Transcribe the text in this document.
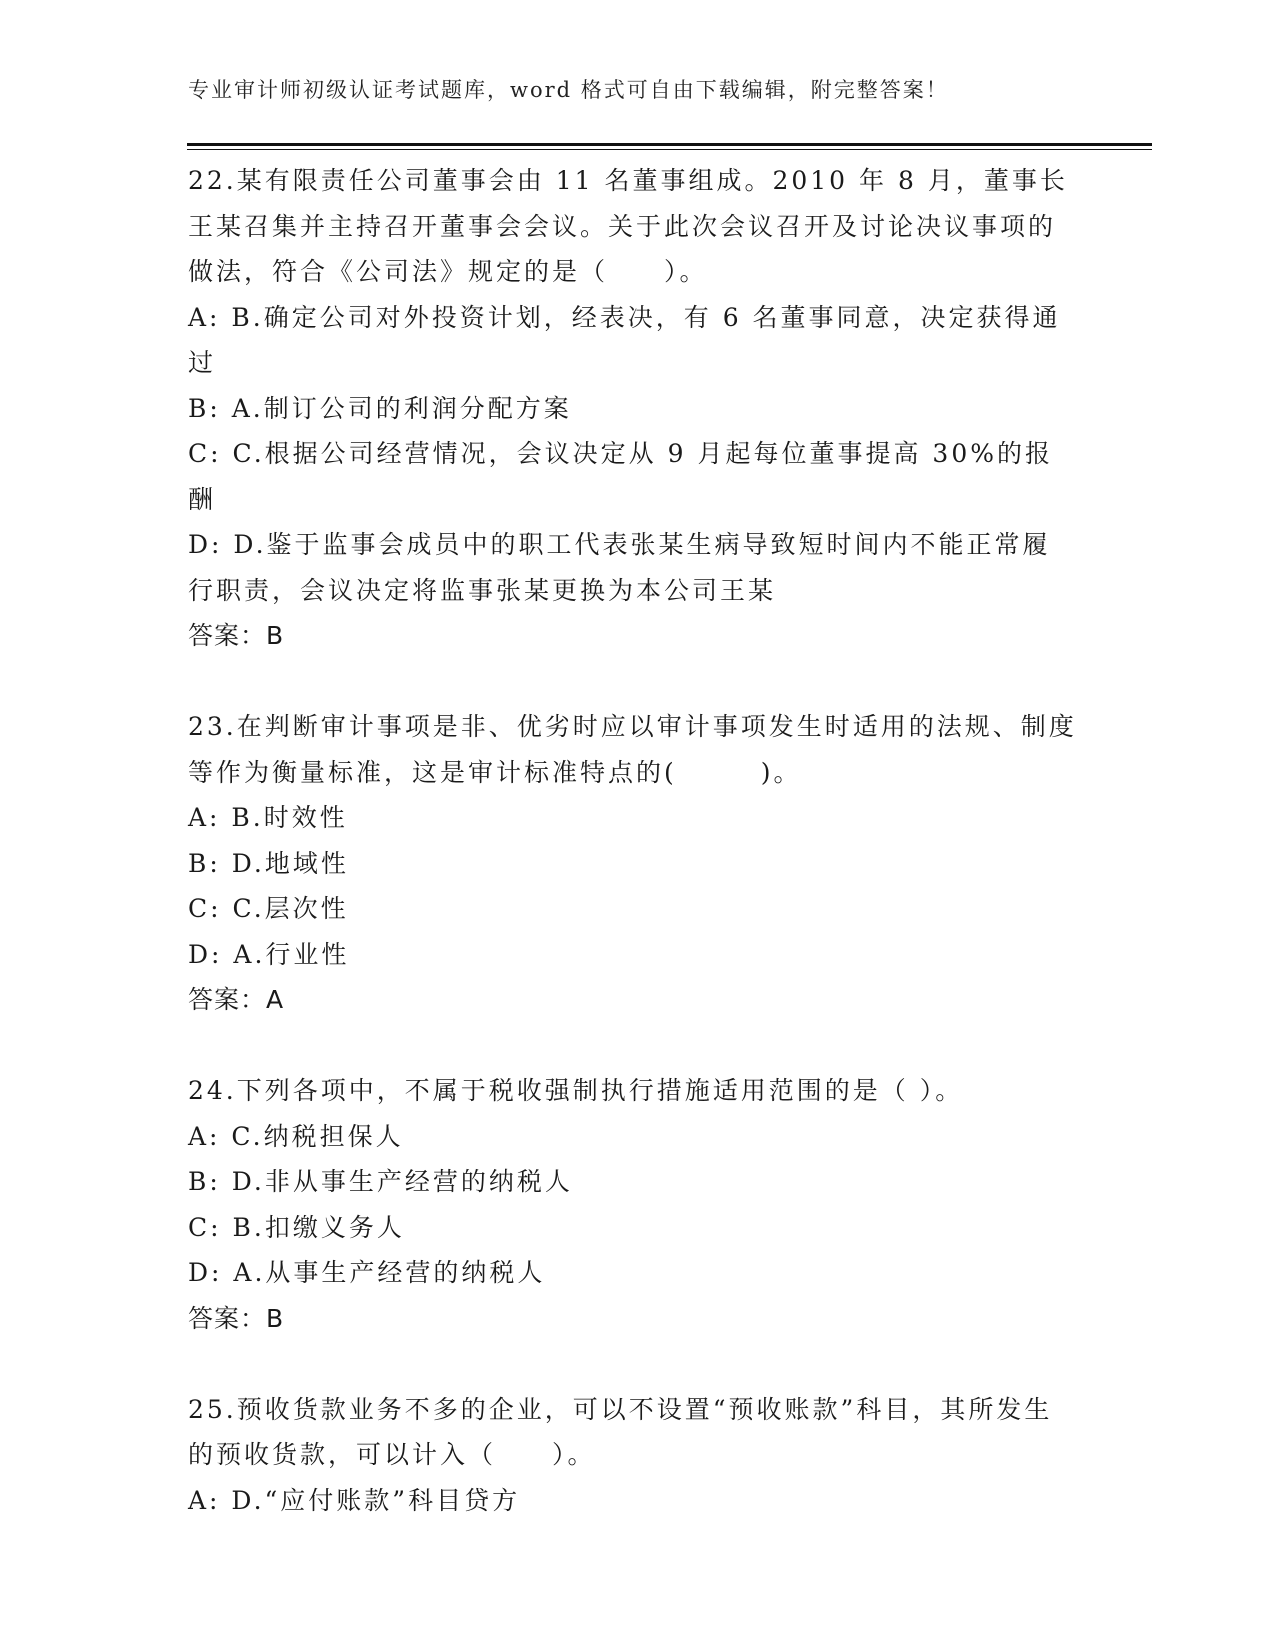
专业审计师初级认证考试题库，word 格式可自由下载编辑，附完整答案！
22.某有限责任公司董事会由 11 名董事组成。2010 年 8 月，董事长王某召集并主持召开董事会会议。关于此次会议召开及讨论决议事项的做法，符合《公司法》规定的是（　　）。
A: B.确定公司对外投资计划，经表决，有 6 名董事同意，决定获得通过
B: A.制订公司的利润分配方案
C: C.根据公司经营情况，会议决定从 9 月起每位董事提高 30%的报酬
D: D.鉴于监事会成员中的职工代表张某生病导致短时间内不能正常履行职责，会议决定将监事张某更换为本公司王某
答案：B
23.在判断审计事项是非、优劣时应以审计事项发生时适用的法规、制度等作为衡量标准，这是审计标准特点的(　　　)。
A: B.时效性
B: D.地域性
C: C.层次性
D: A.行业性
答案：A
24.下列各项中，不属于税收强制执行措施适用范围的是（ ）。
A: C.纳税担保人
B: D.非从事生产经营的纳税人
C: B.扣缴义务人
D: A.从事生产经营的纳税人
答案：B
25.预收货款业务不多的企业，可以不设置“预收账款”科目，其所发生的预收货款，可以计入（　　）。
A: D.“应付账款”科目贷方
